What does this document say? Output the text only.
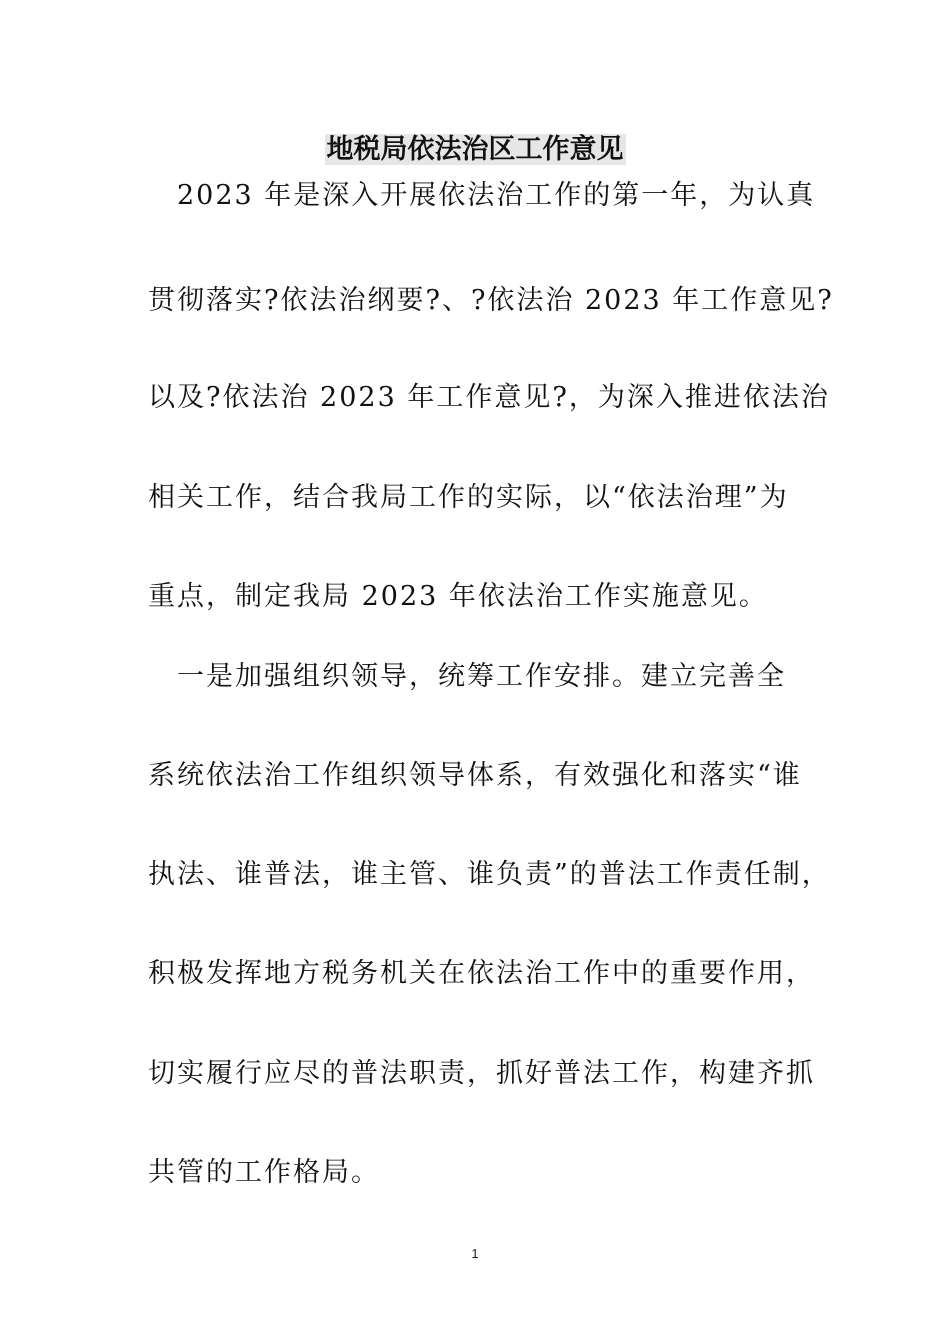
地税局依法治区工作意见
　2023 年是深入开展依法治工作的第一年，为认真
贯彻落实?依法治纲要?、?依法治 2023 年工作意见?
以及?依法治 2023 年工作意见?，为深入推进依法治
相关工作，结合我局工作的实际，以“依法治理”为
重点，制定我局 2023 年依法治工作实施意见。
　一是加强组织领导，统筹工作安排。建立完善全
系统依法治工作组织领导体系，有效强化和落实“谁
执法、谁普法，谁主管、谁负责”的普法工作责任制，
积极发挥地方税务机关在依法治工作中的重要作用，
切实履行应尽的普法职责，抓好普法工作，构建齐抓
共管的工作格局。
1
